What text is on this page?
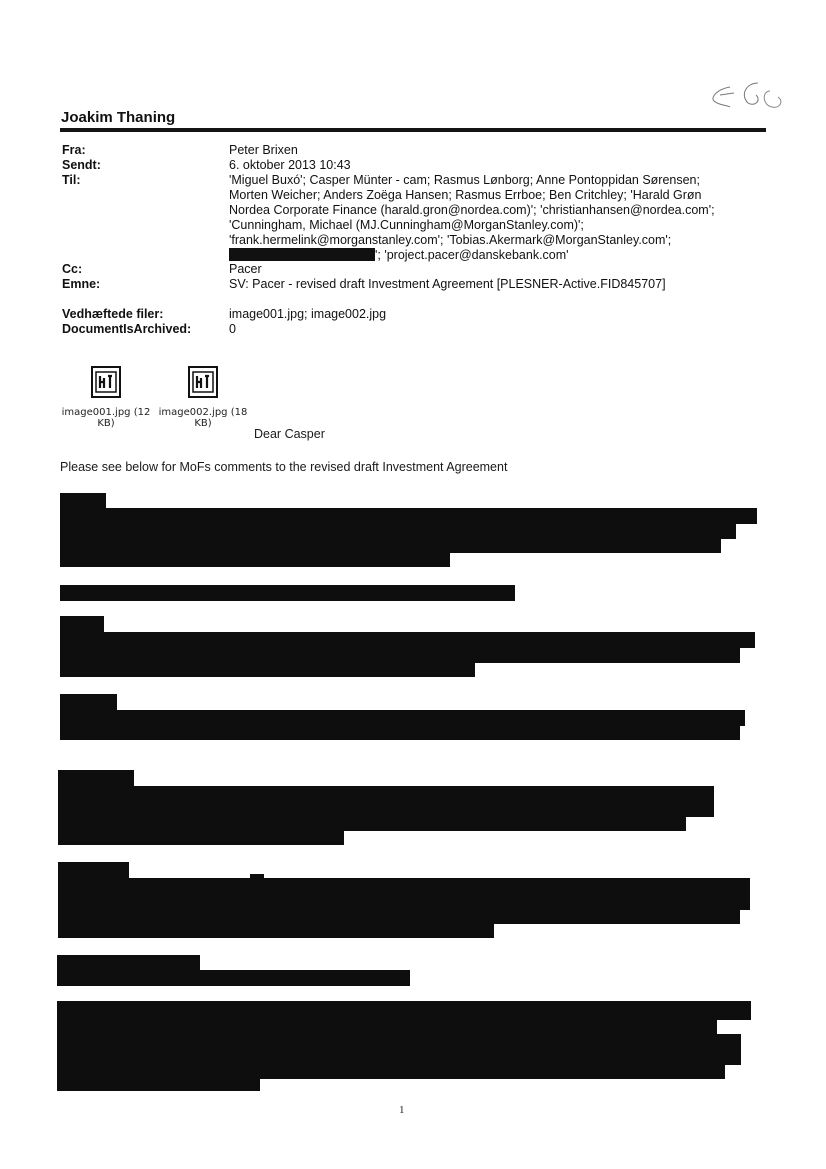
Joakim Thaning
Fra:	Peter Brixen
Sendt:	6. oktober 2013 10:43
Til:	'Miguel Buxó'; Casper Münter - cam; Rasmus Lønborg; Anne Pontoppidan Sørensen;
Morten Weicher; Anders Zoëga Hansen; Rasmus Errboe; Ben Critchley; 'Harald Grøn
Nordea Corporate Finance (harald.gron@nordea.com)'; 'christianhansen@nordea.com';
'Cunningham, Michael (MJ.Cunningham@MorganStanley.com)';
'frank.hermelink@morganstanley.com'; 'Tobias.Akermark@MorganStanley.com';
'; 'project.pacer@danskebank.com'
Cc:	Pacer
Emne:	SV: Pacer - revised draft Investment Agreement [PLESNER-Active.FID845707]
Vedhæftede filer:	image001.jpg; image002.jpg
DocumentIsArchived:	0
image001.jpg (12
KB)
image002.jpg (18
KB)
Dear Casper
Please see below for MoFs comments to the revised draft Investment Agreement
1
